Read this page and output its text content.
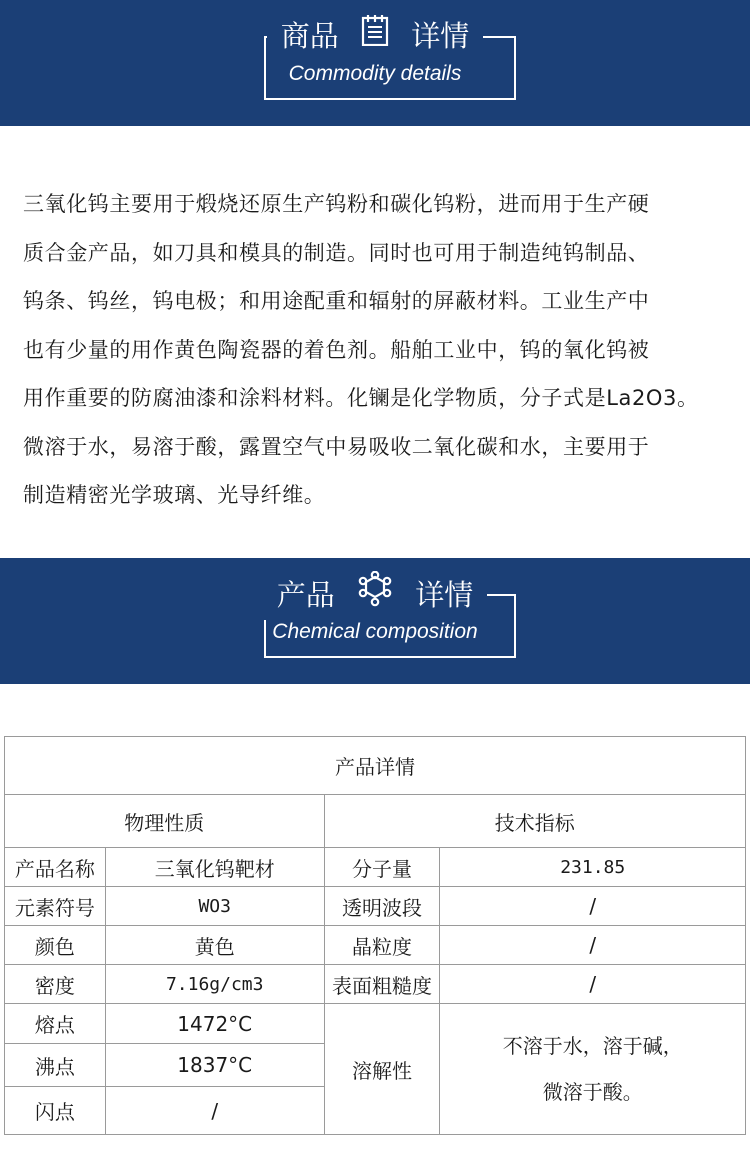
商品 详情
Commodity details
三氧化钨主要用于煅烧还原生产钨粉和碳化钨粉，进而用于生产硬
质合金产品，如刀具和模具的制造。同时也可用于制造纯钨制品、
钨条、钨丝，钨电极；和用途配重和辐射的屏蔽材料。工业生产中
也有少量的用作黄色陶瓷器的着色剂。船舶工业中，钨的氧化钨被
用作重要的防腐油漆和涂料材料。化镧是化学物质，分子式是La2O3。
微溶于水，易溶于酸，露置空气中易吸收二氧化碳和水，主要用于
制造精密光学玻璃、光导纤维。
产品	详情
Chemical composition
产品详情			
物理性质		技术指标	
产品名称	三氧化钨靶材	分子量	231.85
元素符号	WO3	透明波段	/
颜色	黄色	晶粒度	/
密度	7.16g/cm3	表面粗糙度	/
熔点	1472°C	溶解性	不溶于水，溶于碱，
微溶于酸。

沸点	1837°C		
闪点	/		
